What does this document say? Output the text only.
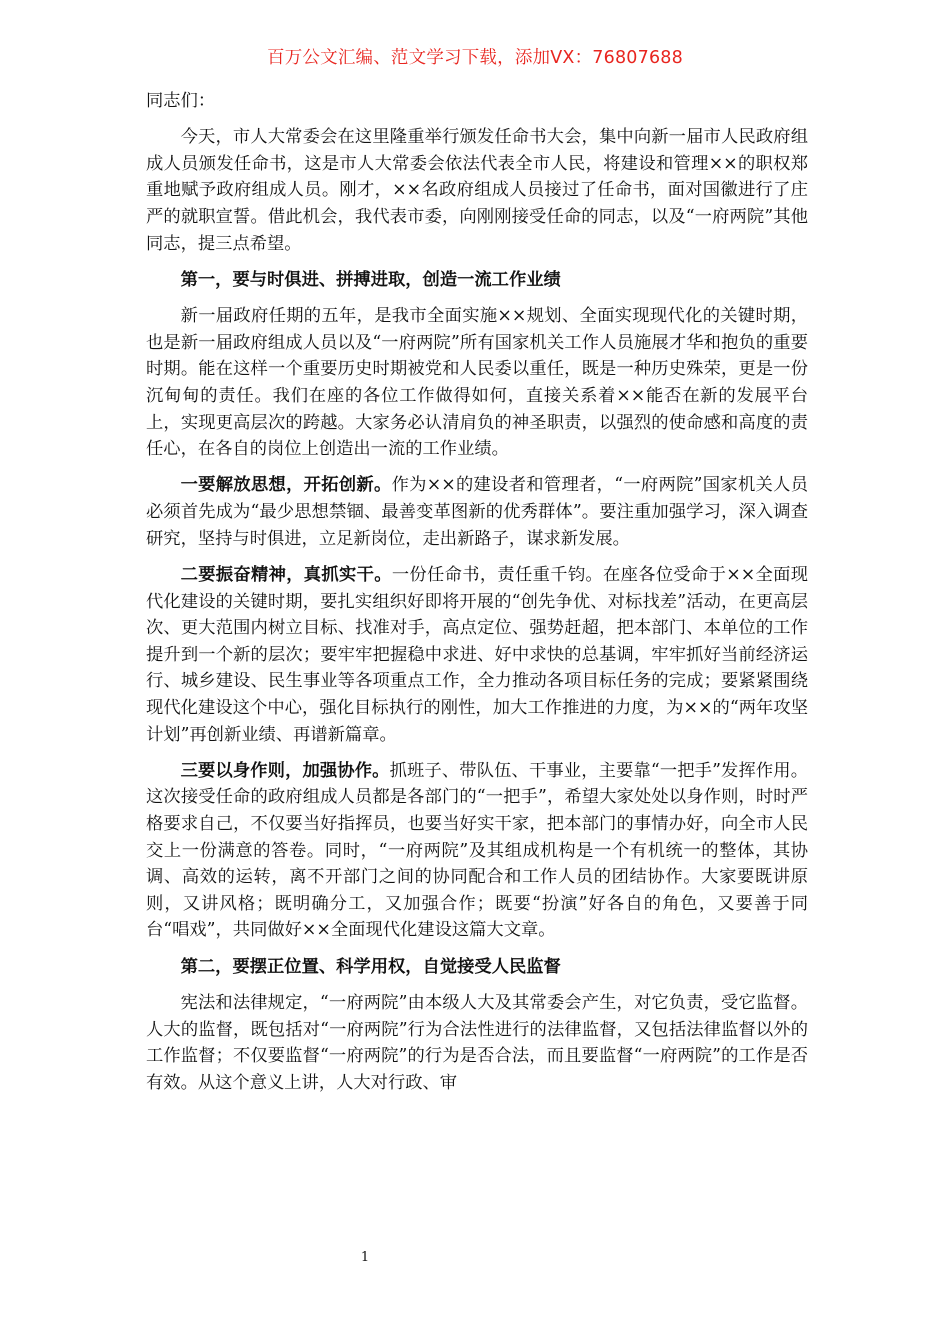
百万公文汇编、范文学习下载，添加VX：76807688

同志们：

今天，市人大常委会在这里隆重举行颁发任命书大会，集中向新一届市人民政府组成人员颁发任命书，这是市人大常委会依法代表全市人民，将建设和管理××的职权郑重地赋予政府组成人员。刚才，××名政府组成人员接过了任命书，面对国徽进行了庄严的就职宣誓。借此机会，我代表市委，向刚刚接受任命的同志，以及“一府两院”其他同志，提三点希望。

第一，要与时俱进、拼搏进取，创造一流工作业绩

新一届政府任期的五年，是我市全面实施××规划、全面实现现代化的关键时期，也是新一届政府组成人员以及“一府两院”所有国家机关工作人员施展才华和抱负的重要时期。能在这样一个重要历史时期被党和人民委以重任，既是一种历史殊荣，更是一份沉甸甸的责任。我们在座的各位工作做得如何，直接关系着××能否在新的发展平台上，实现更高层次的跨越。大家务必认清肩负的神圣职责，以强烈的使命感和高度的责任心，在各自的岗位上创造出一流的工作业绩。

一要解放思想，开拓创新。作为××的建设者和管理者，“一府两院”国家机关人员必须首先成为“最少思想禁锢、最善变革图新的优秀群体”。要注重加强学习，深入调查研究，坚持与时俱进，立足新岗位，走出新路子，谋求新发展。

二要振奋精神，真抓实干。一份任命书，责任重千钧。在座各位受命于××全面现代化建设的关键时期，要扎实组织好即将开展的“创先争优、对标找差”活动，在更高层次、更大范围内树立目标、找准对手，高点定位、强势赶超，把本部门、本单位的工作提升到一个新的层次；要牢牢把握稳中求进、好中求快的总基调，牢牢抓好当前经济运行、城乡建设、民生事业等各项重点工作，全力推动各项目标任务的完成；要紧紧围绕现代化建设这个中心，强化目标执行的刚性，加大工作推进的力度，为××的“两年攻坚计划”再创新业绩、再谱新篇章。

三要以身作则，加强协作。抓班子、带队伍、干事业，主要靠“一把手”发挥作用。这次接受任命的政府组成人员都是各部门的“一把手”，希望大家处处以身作则，时时严格要求自己，不仅要当好指挥员，也要当好实干家，把本部门的事情办好，向全市人民交上一份满意的答卷。同时，“一府两院”及其组成机构是一个有机统一的整体，其协调、高效的运转，离不开部门之间的协同配合和工作人员的团结协作。大家要既讲原则，又讲风格；既明确分工，又加强合作；既要“扮演”好各自的角色，又要善于同台“唱戏”，共同做好××全面现代化建设这篇大文章。

第二，要摆正位置、科学用权，自觉接受人民监督

宪法和法律规定，“一府两院”由本级人大及其常委会产生，对它负责，受它监督。人大的监督，既包括对“一府两院”行为合法性进行的法律监督，又包括法律监督以外的工作监督；不仅要监督“一府两院”的行为是否合法，而且要监督“一府两院”的工作是否有效。从这个意义上讲，人大对行政、审

1
